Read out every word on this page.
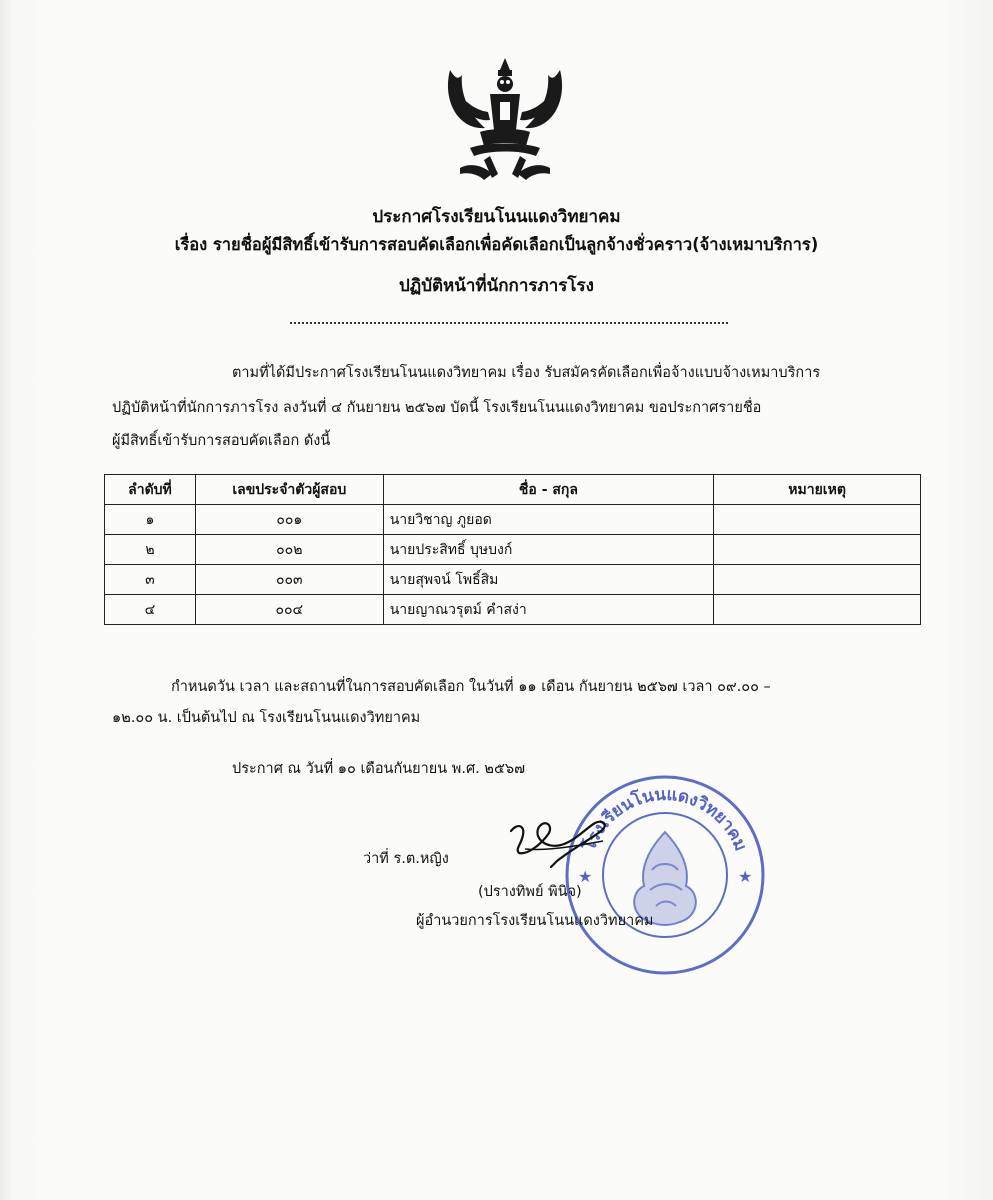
ประกาศโรงเรียนโนนแดงวิทยาคม
เรื่อง รายชื่อผู้มีสิทธิ์เข้ารับการสอบคัดเลือกเพื่อคัดเลือกเป็นลูกจ้างชั่วคราว(จ้างเหมาบริการ)
ปฏิบัติหน้าที่นักการภารโรง
ตามที่ได้มีประกาศโรงเรียนโนนแดงวิทยาคม เรื่อง รับสมัครคัดเลือกเพื่อจ้างแบบจ้างเหมาบริการ
ปฏิบัติหน้าที่นักการภารโรง ลงวันที่ ๔ กันยายน ๒๕๖๗ บัดนี้ โรงเรียนโนนแดงวิทยาคม ขอประกาศรายชื่อ
ผู้มีสิทธิ์เข้ารับการสอบคัดเลือก ดังนี้
ลำดับที่	เลขประจำตัวผู้สอบ	ชื่อ - สกุล	หมายเหตุ
๑	๐๐๑	นายวิชาญ ภูยอด	
๒	๐๐๒	นายประสิทธิ์ บุษบงก์	
๓	๐๐๓	นายสุพจน์ โพธิ์สิม	
๔	๐๐๔	นายญาณวรุตม์ คำสง่า	
กำหนดวัน เวลา และสถานที่ในการสอบคัดเลือก ในวันที่ ๑๑ เดือน กันยายน ๒๕๖๗ เวลา ๐๙.๐๐ –
๑๒.๐๐ น. เป็นต้นไป ณ โรงเรียนโนนแดงวิทยาคม
ประกาศ ณ วันที่ ๑๐ เดือนกันยายน พ.ศ. ๒๕๖๗
โรงเรียนโนนแดงวิทยาคม
★	★
ว่าที่ ร.ต.หญิง
(ปรางทิพย์ พินิจ)
ผู้อำนวยการโรงเรียนโนนแดงวิทยาคม
